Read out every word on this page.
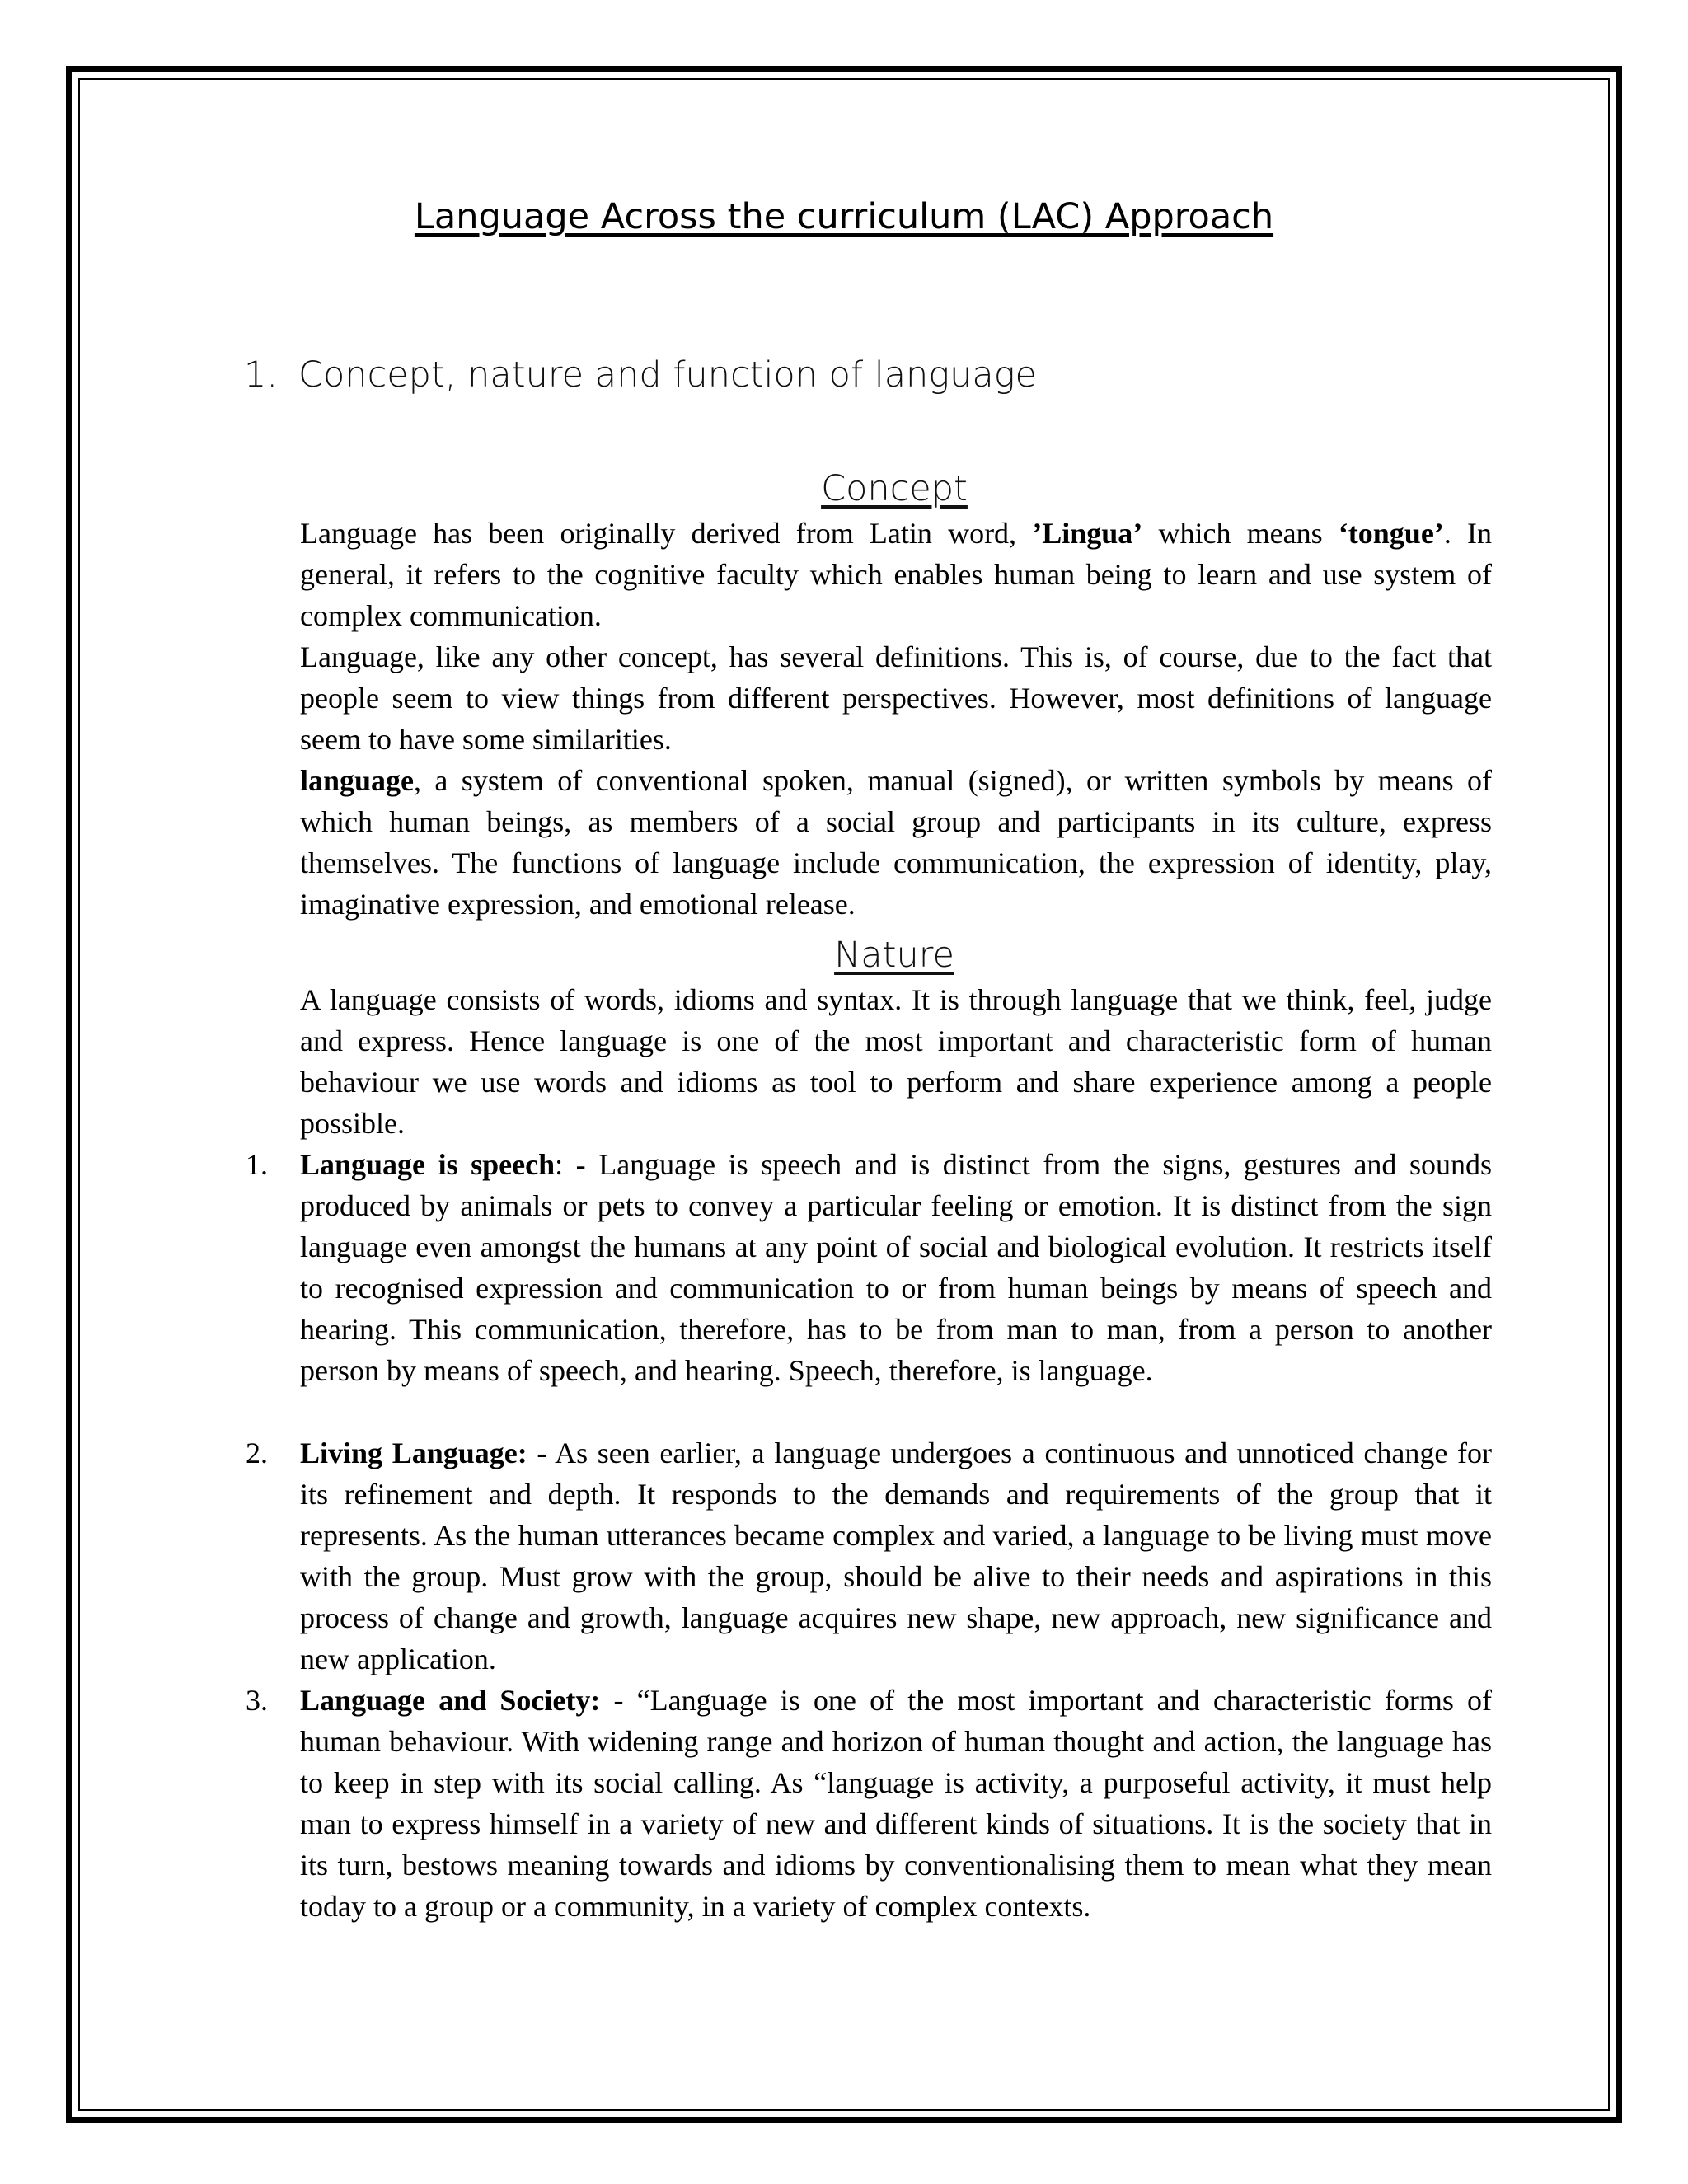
Language Across the curriculum (LAC) Approach
1. Concept, nature and function of language
Concept

Language has been originally derived from Latin word, ’Lingua’ which means ‘tongue’. In general, it refers to the cognitive faculty which enables human being to learn and use system of complex communication.

Language, like any other concept, has several definitions. This is, of course, due to the fact that people seem to view things from different perspectives. However, most definitions of language seem to have some similarities.

language, a system of conventional spoken, manual (signed), or written symbols by means of which human beings, as members of a social group and participants in its culture, express themselves. The functions of language include communication, the expression of identity, play, imaginative expression, and emotional release.

Nature

A language consists of words, idioms and syntax. It is through language that we think, feel, judge and express. Hence language is one of the most important and characteristic form of human behaviour we use words and idioms as tool to perform and share experience among a people possible.

1. Language is speech: - Language is speech and is distinct from the signs, gestures and sounds produced by animals or pets to convey a particular feeling or emotion. It is distinct from the sign language even amongst the humans at any point of social and biological evolution. It restricts itself to recognised expression and communication to or from human beings by means of speech and hearing. This communication, therefore, has to be from man to man, from a person to another person by means of speech, and hearing. Speech, therefore, is language.

2. Living Language: - As seen earlier, a language undergoes a continuous and unnoticed change for its refinement and depth. It responds to the demands and requirements of the group that it represents. As the human utterances became complex and varied, a language to be living must move with the group. Must grow with the group, should be alive to their needs and aspirations in this process of change and growth, language acquires new shape, new approach, new significance and new application.

3. Language and Society: - “Language is one of the most important and characteristic forms of human behaviour. With widening range and horizon of human thought and action, the language has to keep in step with its social calling. As “language is activity, a purposeful activity, it must help man to express himself in a variety of new and different kinds of situations. It is the society that in its turn, bestows meaning towards and idioms by conventionalising them to mean what they mean today to a group or a community, in a variety of complex contexts.
